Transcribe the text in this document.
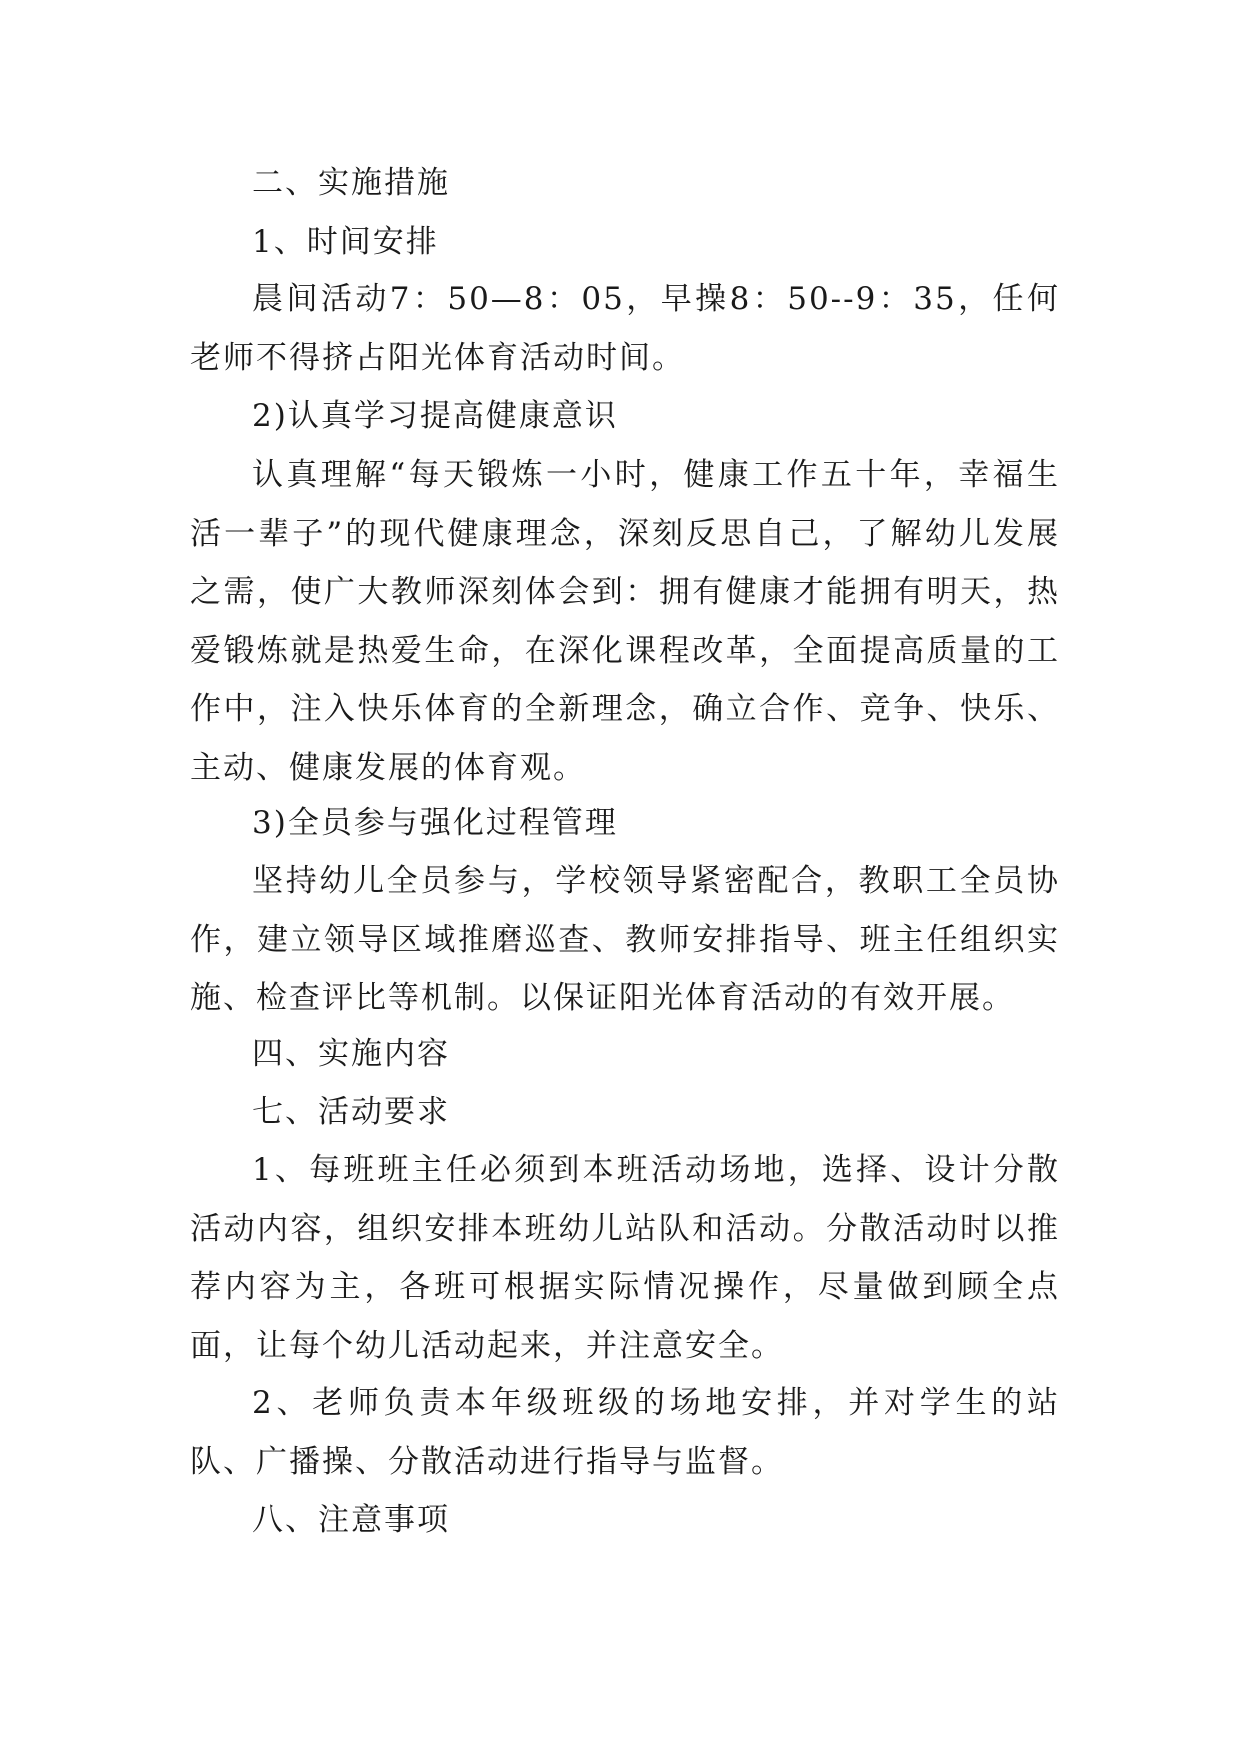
二、实施措施

1、时间安排

晨间活动7：50—8：05，早操8：50--9：35，任何老师不得挤占阳光体育活动时间。

2)认真学习提高健康意识

认真理解“每天锻炼一小时，健康工作五十年，幸福生活一辈子”的现代健康理念，深刻反思自己，了解幼儿发展之需，使广大教师深刻体会到：拥有健康才能拥有明天，热爱锻炼就是热爱生命，在深化课程改革，全面提高质量的工作中，注入快乐体育的全新理念，确立合作、竞争、快乐、主动、健康发展的体育观。

3)全员参与强化过程管理

坚持幼儿全员参与，学校领导紧密配合，教职工全员协作，建立领导区域推磨巡查、教师安排指导、班主任组织实施、检查评比等机制。以保证阳光体育活动的有效开展。

四、实施内容

七、活动要求

1、每班班主任必须到本班活动场地，选择、设计分散活动内容，组织安排本班幼儿站队和活动。分散活动时以推荐内容为主，各班可根据实际情况操作，尽量做到顾全点面，让每个幼儿活动起来，并注意安全。

2、老师负责本年级班级的场地安排，并对学生的站队、广播操、分散活动进行指导与监督。

八、注意事项
